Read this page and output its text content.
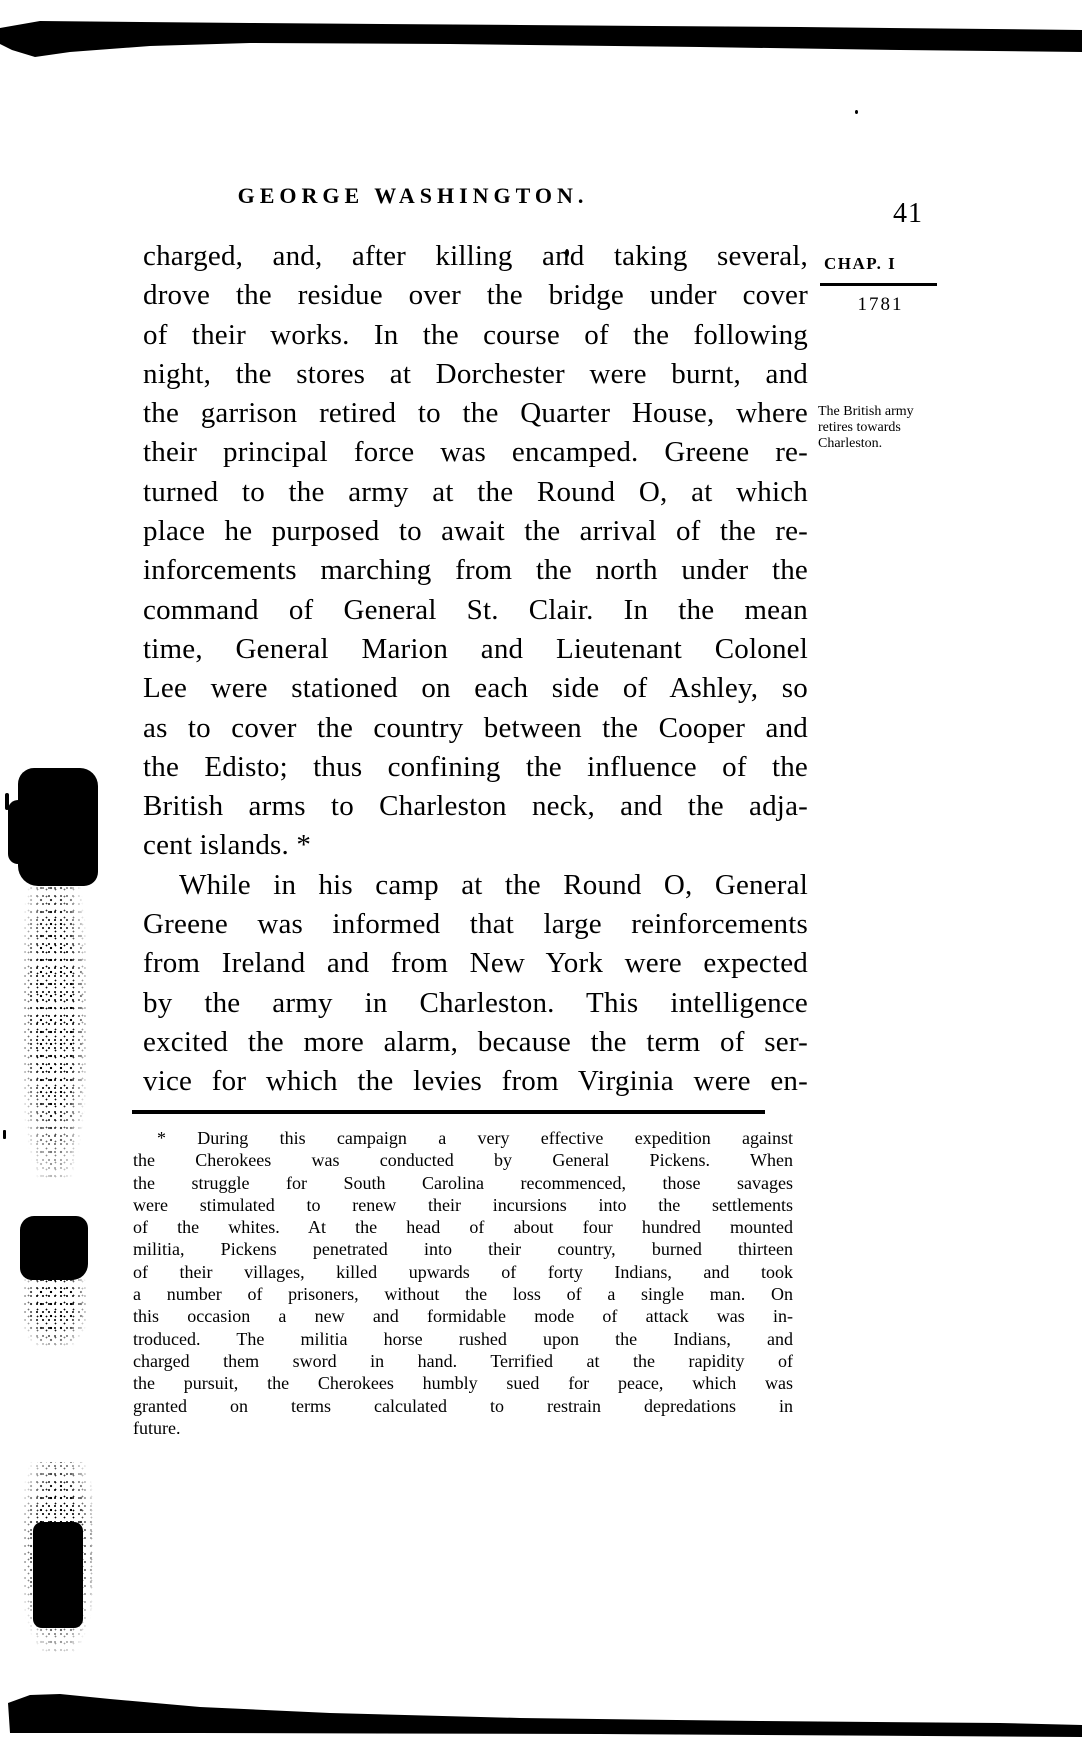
GEORGE WASHINGTON.
41
CHAP. I
1781
The British army retires towards Charleston.
charged, and, after killing and taking several,
drove the residue over the bridge under cover
of their works. In the course of the following
night, the stores at Dorchester were burnt, and
the garrison retired to the Quarter House, where
their principal force was encamped. Greene re-
turned to the army at the Round O, at which
place he purposed to await the arrival of the re-
inforcements marching from the north under the
command of General St. Clair. In the mean
time, General Marion and Lieutenant Colonel
Lee were stationed on each side of Ashley, so
as to cover the country between the Cooper and
the Edisto; thus confining the influence of the
British arms to Charleston neck, and the adja-
cent islands. *
While in his camp at the Round O, General
Greene was informed that large reinforcements
from Ireland and from New York were expected
by the army in Charleston. This intelligence
excited the more alarm, because the term of ser-
vice for which the levies from Virginia were en-
* During this campaign a very effective expedition against
the Cherokees was conducted by General Pickens. When
the struggle for South Carolina recommenced, those savages
were stimulated to renew their incursions into the settlements
of the whites. At the head of about four hundred mounted
militia, Pickens penetrated into their country, burned thirteen
of their villages, killed upwards of forty Indians, and took
a number of prisoners, without the loss of a single man. On
this occasion a new and formidable mode of attack was in-
troduced. The militia horse rushed upon the Indians, and
charged them sword in hand. Terrified at the rapidity of
the pursuit, the Cherokees humbly sued for peace, which was
granted on terms calculated to restrain depredations in
future.
